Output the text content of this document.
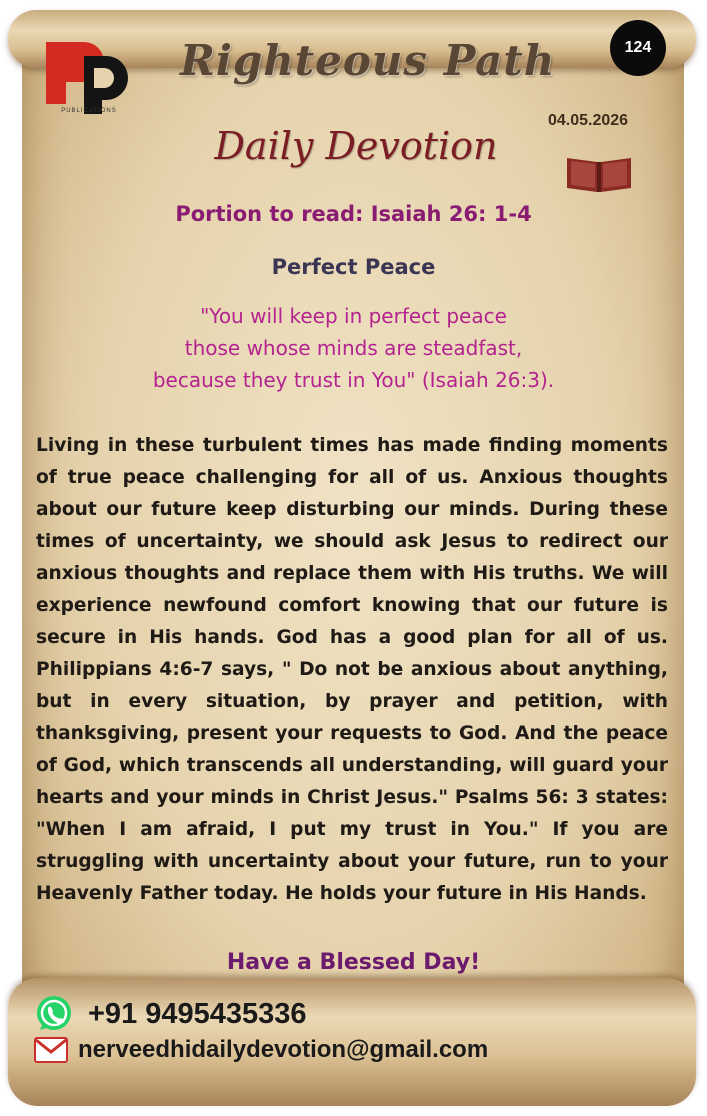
PUBLICATIONS
Righteous Path
Daily Devotion
124
04.05.2026
Portion to read: Isaiah 26: 1-4
Perfect Peace
"You will keep in perfect peace
those whose minds are steadfast,
because they trust in You" (Isaiah 26:3).
Living in these turbulent times has made finding moments of true peace challenging for all of us. Anxious thoughts about our future keep disturbing our minds. During these times of uncertainty, we should ask Jesus to redirect our anxious thoughts and replace them with His truths. We will experience newfound comfort knowing that our future is secure in His hands. God has a good plan for all of us. Philippians 4:6-7 says, " Do not be anxious about anything, but in every situation, by prayer and petition, with thanksgiving, present your requests to God. And the peace of God, which transcends all understanding, will guard your hearts and your minds in Christ Jesus." Psalms 56: 3 states: "When I am afraid, I put my trust in You." If you are struggling with uncertainty about your future, run to your Heavenly Father today. He holds your future in His Hands.
Have a Blessed Day!
+91 9495435336
nerveedhidailydevotion@gmail.com
